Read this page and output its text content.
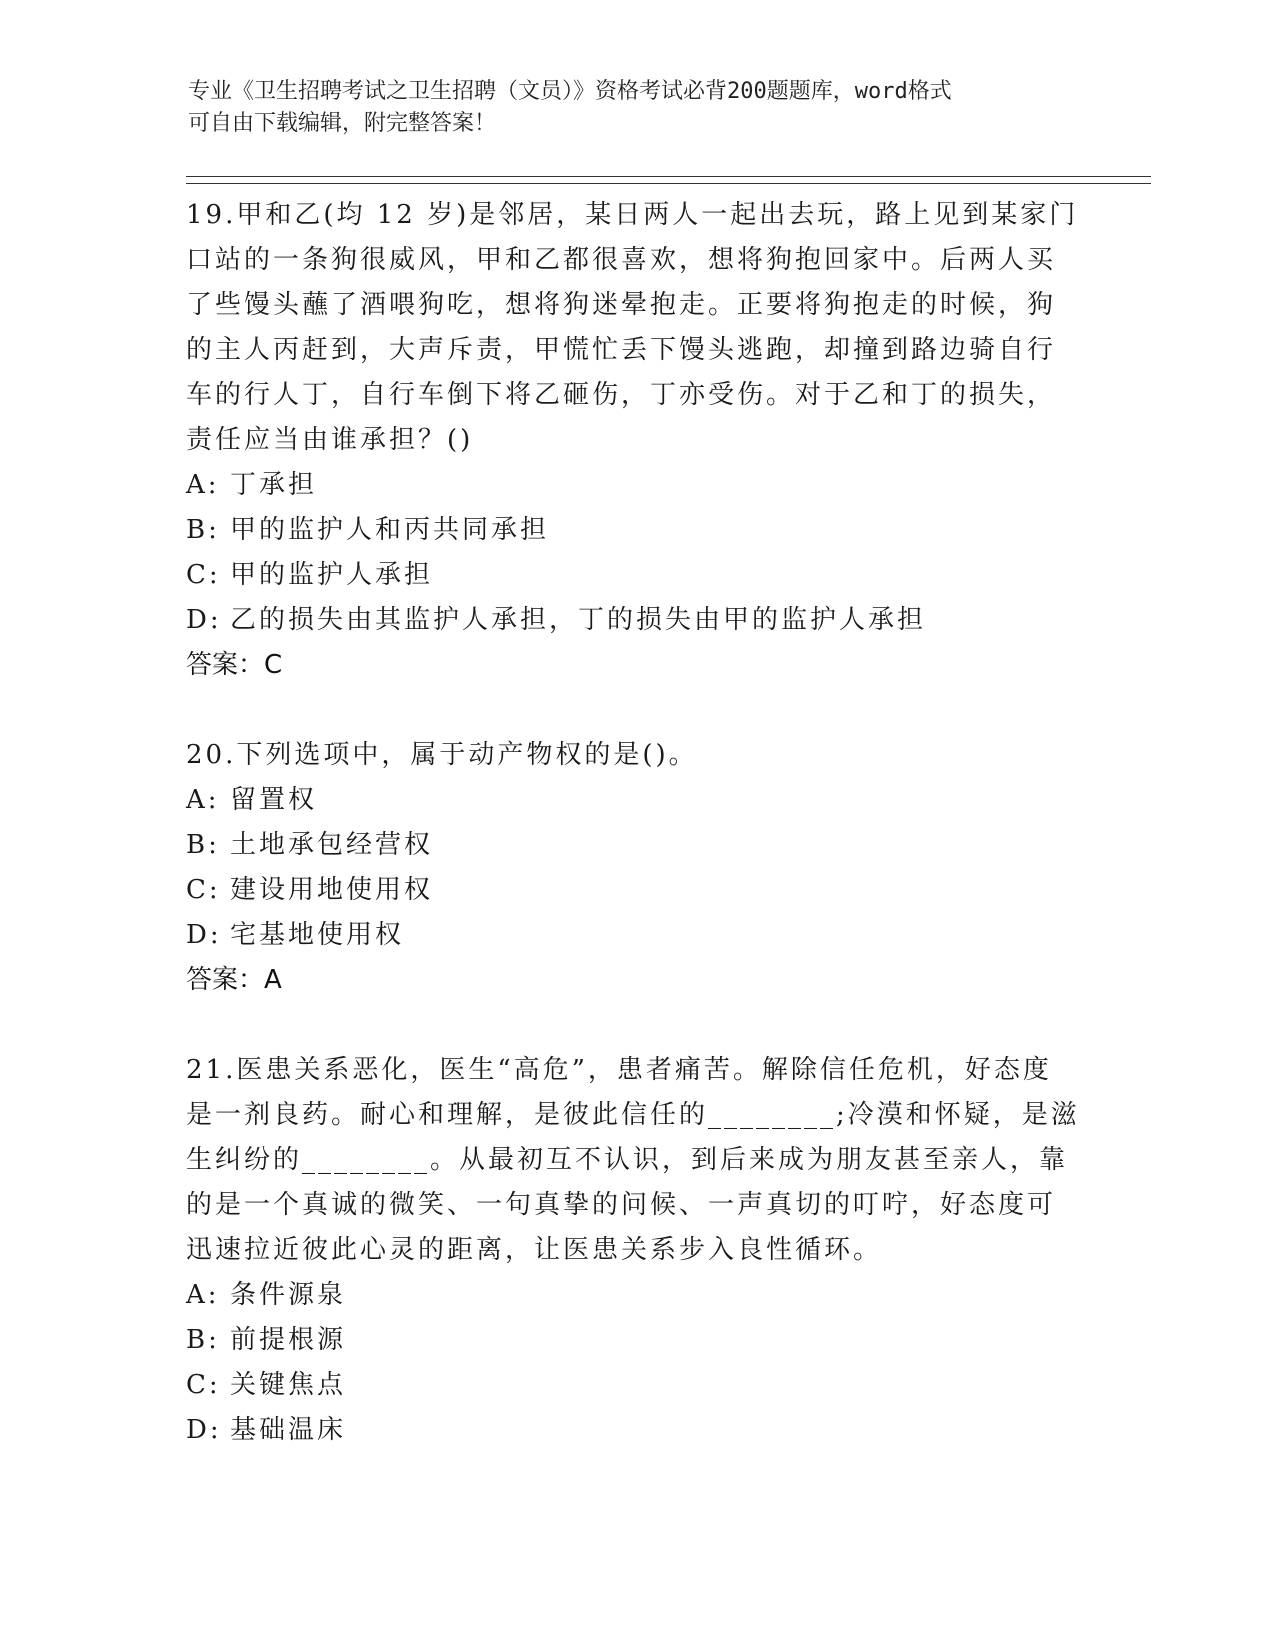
专业《卫生招聘考试之卫生招聘（文员）》资格考试必背200题题库，word格式
可自由下载编辑，附完整答案！

19.甲和乙(均 12 岁)是邻居，某日两人一起出去玩，路上见到某家门
口站的一条狗很威风，甲和乙都很喜欢，想将狗抱回家中。后两人买
了些馒头蘸了酒喂狗吃，想将狗迷晕抱走。正要将狗抱走的时候，狗
的主人丙赶到，大声斥责，甲慌忙丢下馒头逃跑，却撞到路边骑自行
车的行人丁，自行车倒下将乙砸伤，丁亦受伤。对于乙和丁的损失，
责任应当由谁承担？()

A: 丁承担
B: 甲的监护人和丙共同承担
C: 甲的监护人承担
D: 乙的损失由其监护人承担，丁的损失由甲的监护人承担

答案：C

20.下列选项中，属于动产物权的是()。

A: 留置权
B: 土地承包经营权
C: 建设用地使用权
D: 宅基地使用权

答案：A

21.医患关系恶化，医生“高危”，患者痛苦。解除信任危机，好态度
是一剂良药。耐心和理解，是彼此信任的________;冷漠和怀疑，是滋
生纠纷的________。从最初互不认识，到后来成为朋友甚至亲人，靠
的是一个真诚的微笑、一句真挚的问候、一声真切的叮咛，好态度可
迅速拉近彼此心灵的距离，让医患关系步入良性循环。

A: 条件源泉
B: 前提根源
C: 关键焦点
D: 基础温床
